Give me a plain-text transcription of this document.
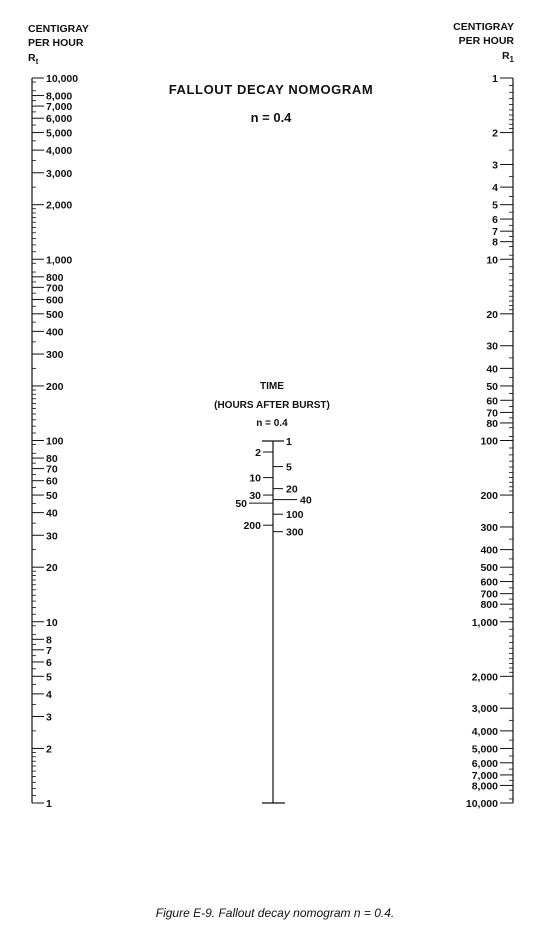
CENTIGRAY
PER HOUR
$R_t$
CENTIGRAY
PER HOUR
$R_1$
FALLOUT DECAY NOMOGRAM
n = 0.4
TIME
(HOURS AFTER BURST)
n = 0.4
10,000
8,000
7,000
6,000
5,000
4,000
3,000
2,000
1,000
800
700
600
500
400
300
200
100
80
70
60
50
40
30
20
10
8
7
6
5
4
3
2
1
1
2
3
4
5
6
7
8
10
20
30
40
50
60
70
80
100
200
300
400
500
600
700
800
1,000
2,000
3,000
4,000
5,000
6,000
7,000
8,000
10,000
2
10
30
50
200
1
5
20
40
100
300
Figure E-9. Fallout decay nomogram n = 0.4.
